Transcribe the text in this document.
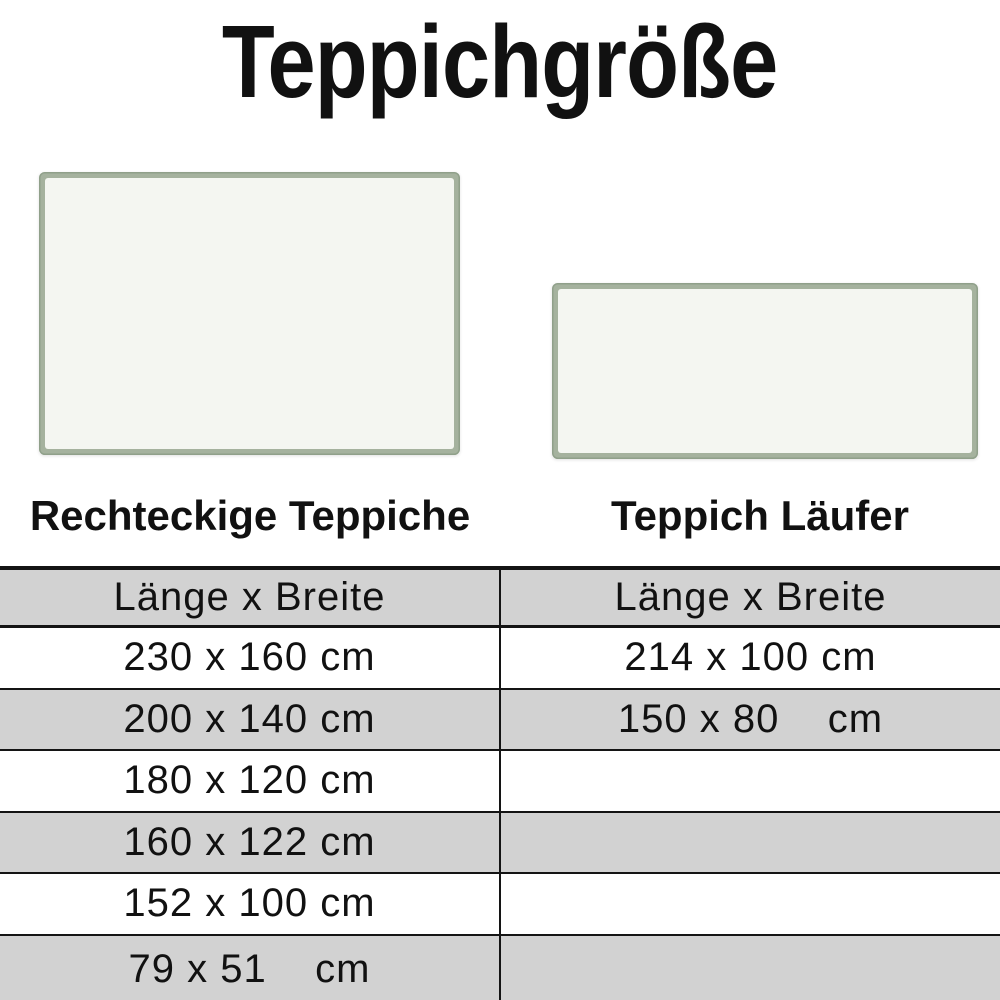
Teppichgröße
Rechteckige Teppiche	Teppich Läufer
Länge x Breite	Länge x Breite
230 x 160 cm	214 x 100 cm
200 x 140 cm	150 x 80    cm
180 x 120 cm
160 x 122 cm
152 x 100 cm
79 x 51    cm
